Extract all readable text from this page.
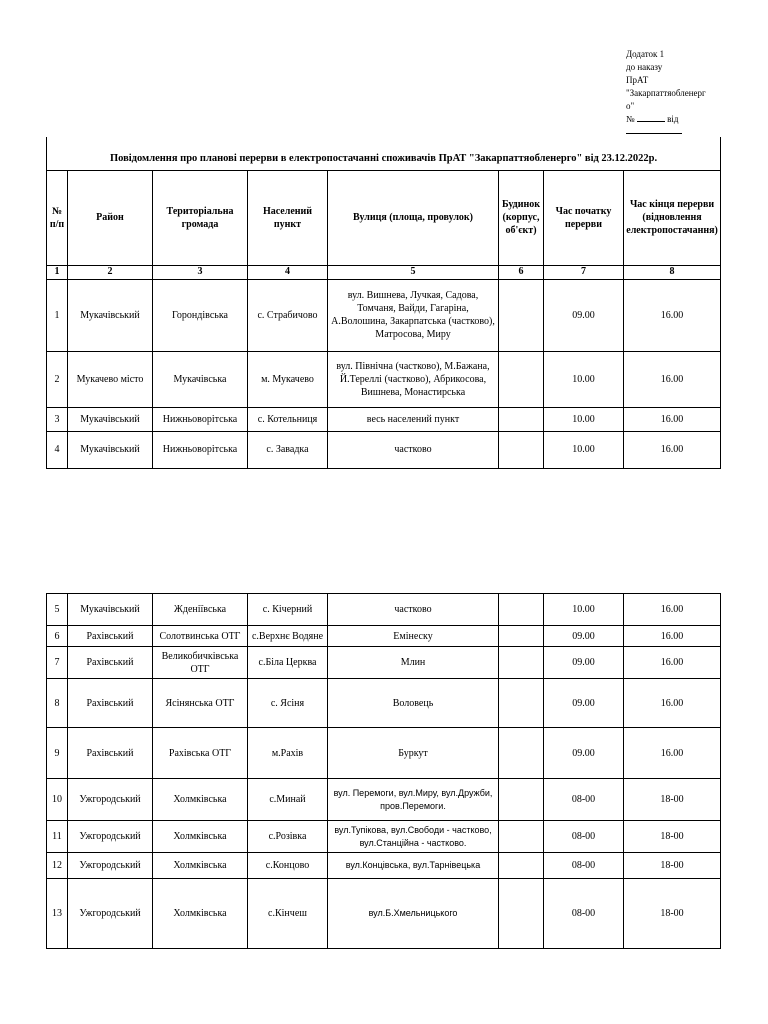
Додаток 1
до наказу
ПрАТ
"Закарпаттяобленерг
о"
№	від
Повідомлення про планові перерви в електропостачанні споживачів ПрАТ "Закарпаттяобленерго" від 23.12.2022р.							
№ п/п	Район	Територіальна громада	Населений пункт	Вулиця (площа, провулок)	Будинок (корпус, об'єкт)	Час початку перерви	Час кінця перерви (відновлення електропостачання)
1	2	3	4	5	6	7	8
1	Мукачівський	Горондівська	с. Страбичово	вул. Вишнева, Лучкая, Садова, Томчаня, Вайди, Гагаріна, А.Волошина, Закарпатська (частково), Матросова, Миру		09.00	16.00
2	Мукачево місто	Мукачівська	м. Мукачево	вул. Північна (частково), М.Бажана, Й.Тереллі (частково), Абрикосова, Вишнева, Монастирська		10.00	16.00
3	Мукачівський	Нижньоворітська	с. Котельниця	весь населений пункт		10.00	16.00
4	Мукачівський	Нижньоворітська	с. Завадка	частково		10.00	16.00
5	Мукачівський	Жденіївська	с. Кічерний	частково		10.00	16.00
6	Рахівський	Солотвинська ОТГ	с.Верхнє Водяне	Емінеску		09.00	16.00
7	Рахівський	Великобичківська ОТГ	с.Біла Церква	Млин		09.00	16.00
8	Рахівський	Ясінянська ОТГ	с. Ясіня	Воловець		09.00	16.00
9	Рахівський	Рахівська ОТГ	м.Рахів	Буркут		09.00	16.00
10	Ужгородський	Холмківська	с.Минай	вул. Перемоги, вул.Миру, вул.Дружби, пров.Перемоги.		08-00	18-00
11	Ужгородський	Холмківська	с.Розівка	вул.Тупікова, вул.Свободи - частково, вул.Станційна - частково.		08-00	18-00
12	Ужгородський	Холмківська	с.Концово	вул.Концівська, вул.Тарнівецька		08-00	18-00
13	Ужгородський	Холмківська	с.Кінчеш	вул.Б.Хмельницького		08-00	18-00
